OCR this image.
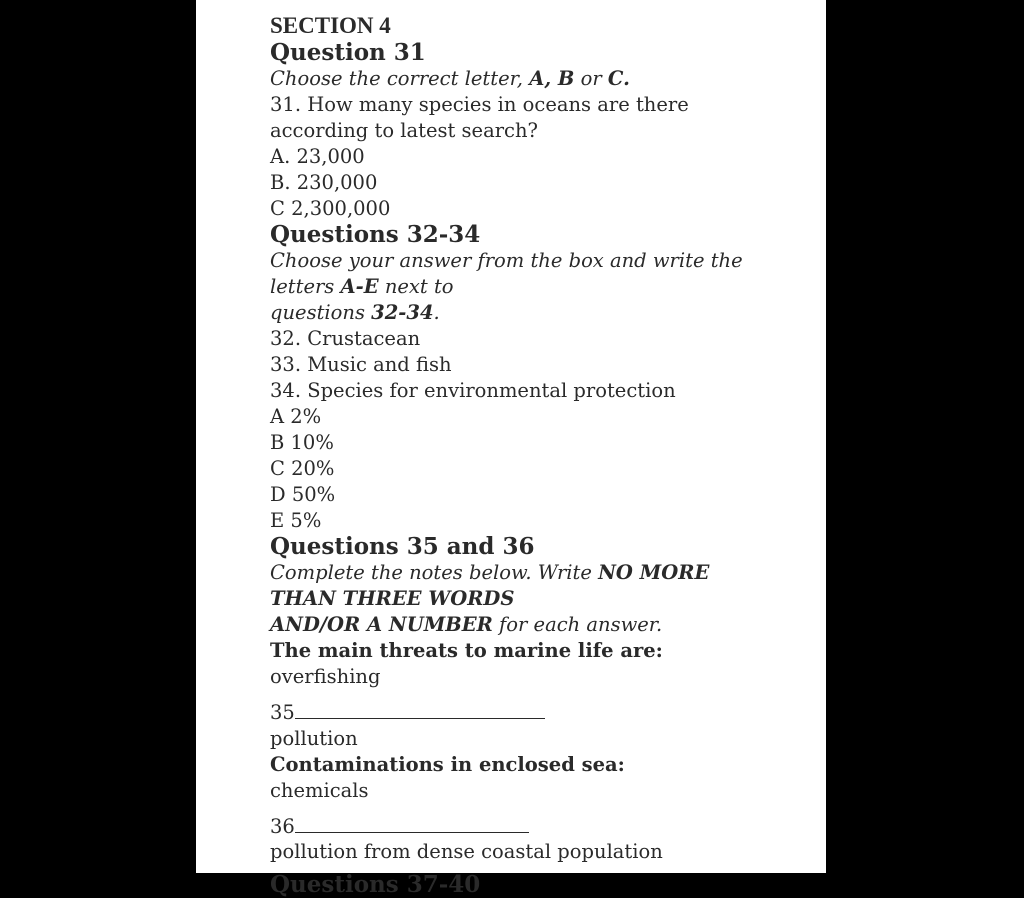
SECTION 4
Question 31
Choose the correct letter, A, B or C.
31. How many species in oceans are there
according to latest search?
A. 23,000
B. 230,000
C 2,300,000
Questions 32-34
Choose your answer from the box and write the
letters A-E next to
questions 32-34.
32. Crustacean
33. Music and fish
34. Species for environmental protection
A 2%
B 10%
C 20%
D 50%
E 5%
Questions 35 and 36
Complete the notes below. Write NO MORE
THAN THREE WORDS
AND/OR A NUMBER for each answer.
The main threats to marine life are:
overfishing
35
pollution
Contaminations in enclosed sea:
chemicals
36
pollution from dense coastal population
Questions 37-40
